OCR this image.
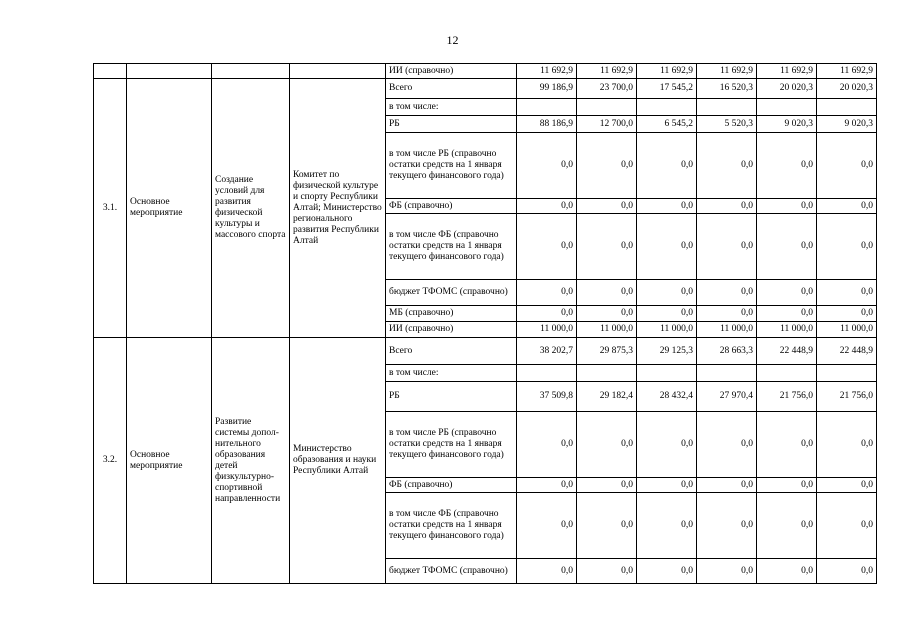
12
				ИИ (справочно)	11 692,9	11 692,9	11 692,9	11 692,9	11 692,9	11 692,9
3.1.	Основное мероприятие	Создание условий для развития физической культуры и массового спорта	Комитет по физической культуре и спорту Республики Алтай; Министерство регионального развития Республики Алтай	Всего	99 186,9	23 700,0	17 545,2	16 520,3	20 020,3	20 020,3
				в том числе:						
				РБ	88 186,9	12 700,0	6 545,2	5 520,3	9 020,3	9 020,3
				в том числе РБ (справочно остатки средств на 1 января текущего финансового года)	0,0	0,0	0,0	0,0	0,0	0,0
				ФБ (справочно)	0,0	0,0	0,0	0,0	0,0	0,0
				в том числе ФБ (справочно остатки средств на 1 января текущего финансового года)	0,0	0,0	0,0	0,0	0,0	0,0
				бюджет ТФОМС (справочно)	0,0	0,0	0,0	0,0	0,0	0,0
				МБ (справочно)	0,0	0,0	0,0	0,0	0,0	0,0
				ИИ (справочно)	11 000,0	11 000,0	11 000,0	11 000,0	11 000,0	11 000,0
3.2.	Основное мероприятие	Развитие системы дополнительного образования детей физкультурно-спортивной направленности	Министерство образования и науки Республики Алтай	Всего	38 202,7	29 875,3	29 125,3	28 663,3	22 448,9	22 448,9
				в том числе:						
				РБ	37 509,8	29 182,4	28 432,4	27 970,4	21 756,0	21 756,0
				в том числе РБ (справочно остатки средств на 1 января текущего финансового года)	0,0	0,0	0,0	0,0	0,0	0,0
				ФБ (справочно)	0,0	0,0	0,0	0,0	0,0	0,0
				в том числе ФБ (справочно остатки средств на 1 января текущего финансового года)	0,0	0,0	0,0	0,0	0,0	0,0
				бюджет ТФОМС (справочно)	0,0	0,0	0,0	0,0	0,0	0,0
